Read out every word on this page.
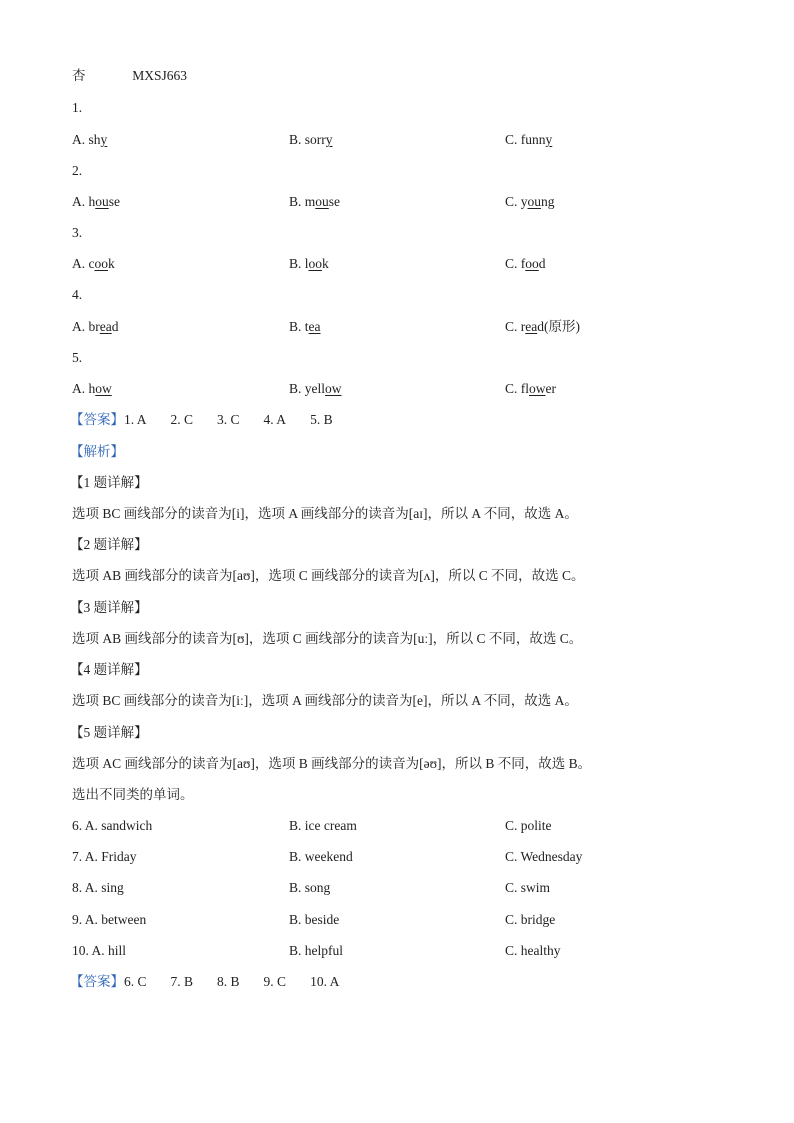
杏	MXSJ663
1.
A. shy	B. sorry	C. funny
2.
A. house	B. mouse	C. young
3.
A. cook	B. look	C. food
4.
A. bread	B. tea	C. read(原形)
5.
A. how	B. yellow	C. flower
【答案】1. A 2. C 3. C 4. A 5. B
【解析】
【1 题详解】
选项 BC 画线部分的读音为[i]，选项 A 画线部分的读音为[aɪ]，所以 A 不同，故选 A。
【2 题详解】
选项 AB 画线部分的读音为[aʊ]，选项 C 画线部分的读音为[ʌ]，所以 C 不同，故选 C。
【3 题详解】
选项 AB 画线部分的读音为[ʊ]，选项 C 画线部分的读音为[uː]，所以 C 不同，故选 C。
【4 题详解】
选项 BC 画线部分的读音为[iː]，选项 A 画线部分的读音为[e]，所以 A 不同，故选 A。
【5 题详解】
选项 AC 画线部分的读音为[aʊ]，选项 B 画线部分的读音为[əʊ]，所以 B 不同，故选 B。
选出不同类的单词。
6. A. sandwich	B. ice cream	C. polite
7. A. Friday	B. weekend	C. Wednesday
8. A. sing	B. song	C. swim
9. A. between	B. beside	C. bridge
10. A. hill	B. helpful	C. healthy
【答案】6. C 7. B 8. B 9. C 10. A
